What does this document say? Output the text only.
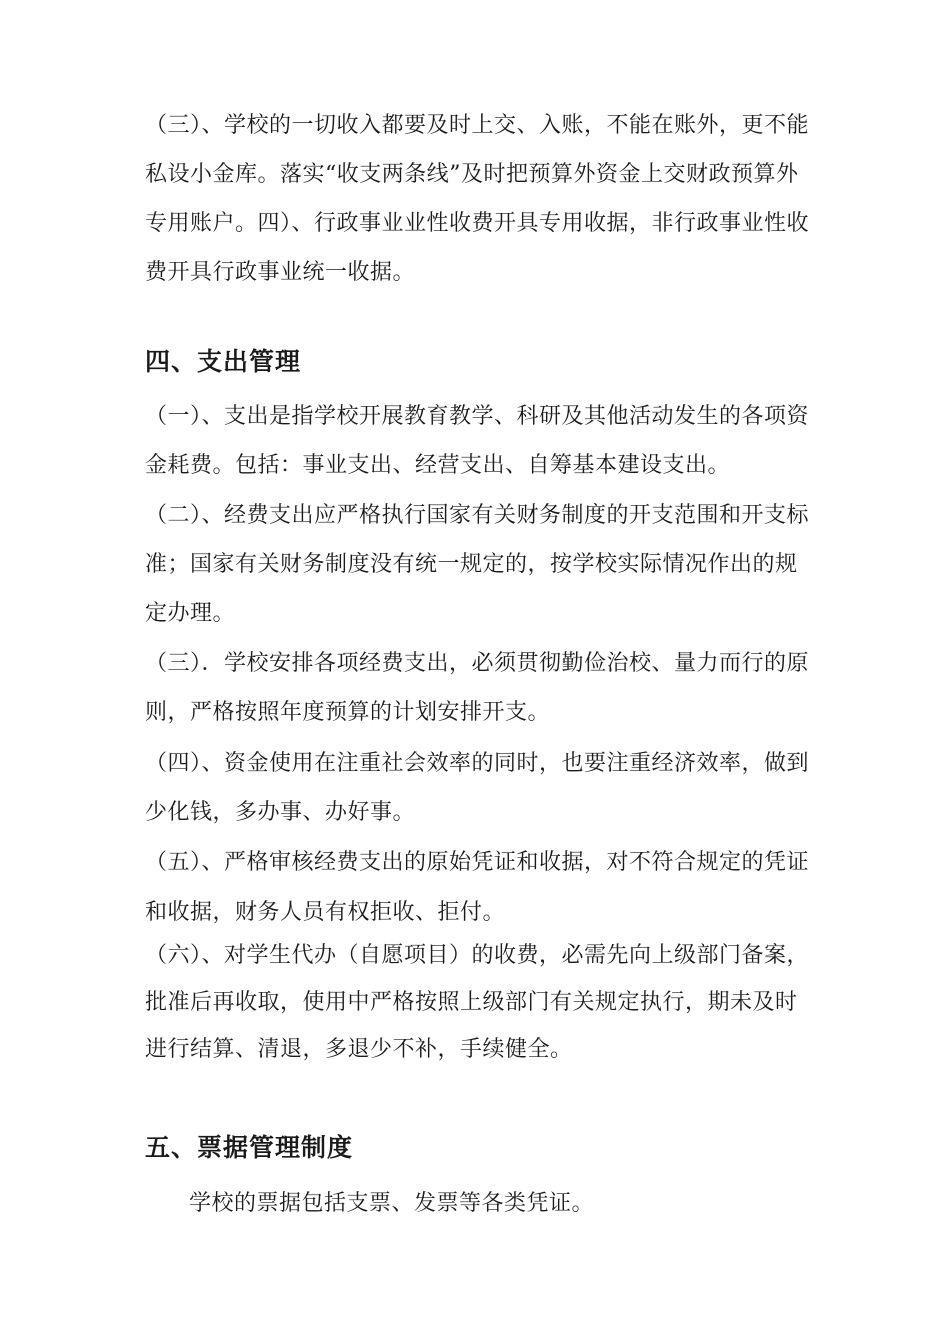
（三）、学校的一切收入都要及时上交、入账，不能在账外，更不能私设小金库。落实“收支两条线”及时把预算外资金上交财政预算外专用账户。四）、行政事业业性收费开具专用收据，非行政事业性收费开具行政事业统一收据。

四、支出管理

（一）、支出是指学校开展教育教学、科研及其他活动发生的各项资金耗费。包括：事业支出、经营支出、自筹基本建设支出。

（二）、经费支出应严格执行国家有关财务制度的开支范围和开支标准；国家有关财务制度没有统一规定的，按学校实际情况作出的规定办理。

（三）．学校安排各项经费支出，必须贯彻勤俭治校、量力而行的原则，严格按照年度预算的计划安排开支。

（四）、资金使用在注重社会效率的同时，也要注重经济效率，做到少化钱，多办事、办好事。

（五）、严格审核经费支出的原始凭证和收据，对不符合规定的凭证和收据，财务人员有权拒收、拒付。

（六）、对学生代办（自愿项目）的收费，必需先向上级部门备案，批准后再收取，使用中严格按照上级部门有关规定执行，期未及时进行结算、清退，多退少不补，手续健全。

五、票据管理制度

学校的票据包括支票、发票等各类凭证。
